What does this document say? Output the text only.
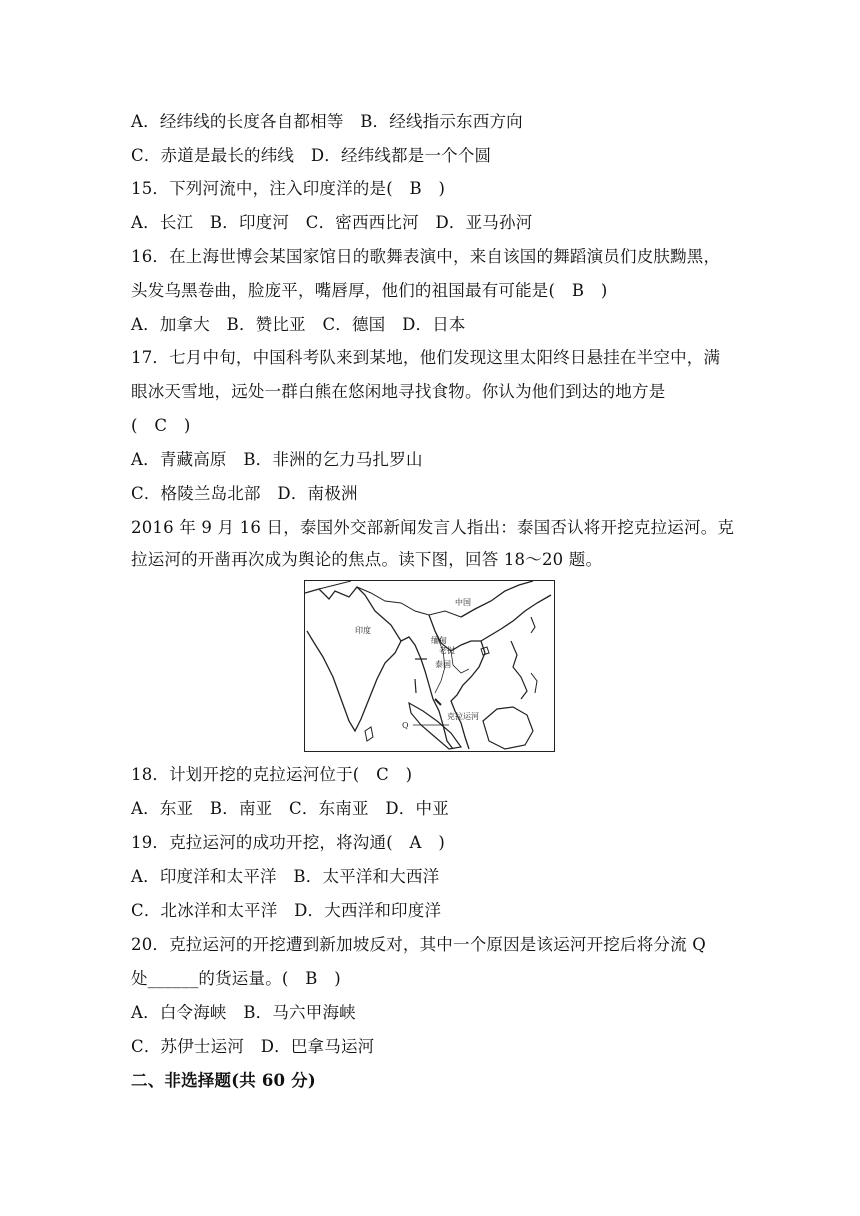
A．经纬线的长度各自都相等　B．经线指示东西方向
C．赤道是最长的纬线　D．经纬线都是一个个圆
15．下列河流中，注入印度洋的是(　B　)
A．长江　B．印度河　C．密西西比河　D．亚马孙河
16．在上海世博会某国家馆日的歌舞表演中，来自该国的舞蹈演员们皮肤黝黑，
头发乌黑卷曲，脸庞平，嘴唇厚，他们的祖国最有可能是(　B　)
A．加拿大　B．赞比亚　C．德国　D．日本
17．七月中旬，中国科考队来到某地，他们发现这里太阳终日悬挂在半空中，满
眼冰天雪地，远处一群白熊在悠闲地寻找食物。你认为他们到达的地方是
(　C　)
A．青藏高原　B．非洲的乞力马扎罗山
C．格陵兰岛北部　D．南极洲
2016 年 9 月 16 日，泰国外交部新闻发言人指出：泰国否认将开挖克拉运河。克
拉运河的开凿再次成为舆论的焦点。读下图，回答 18～20 题。
中国
印度
缅甸
老挝
泰国
克拉运河
Q
18．计划开挖的克拉运河位于(　C　)
A．东亚　B．南亚　C．东南亚　D．中亚
19．克拉运河的成功开挖，将沟通(　A　)
A．印度洋和太平洋　B．太平洋和大西洋
C．北冰洋和太平洋　D．大西洋和印度洋
20．克拉运河的开挖遭到新加坡反对，其中一个原因是该运河开挖后将分流 Q
处______的货运量。(　B　)
A．白令海峡　B．马六甲海峡
C．苏伊士运河　D．巴拿马运河
二、非选择题(共 60 分)
